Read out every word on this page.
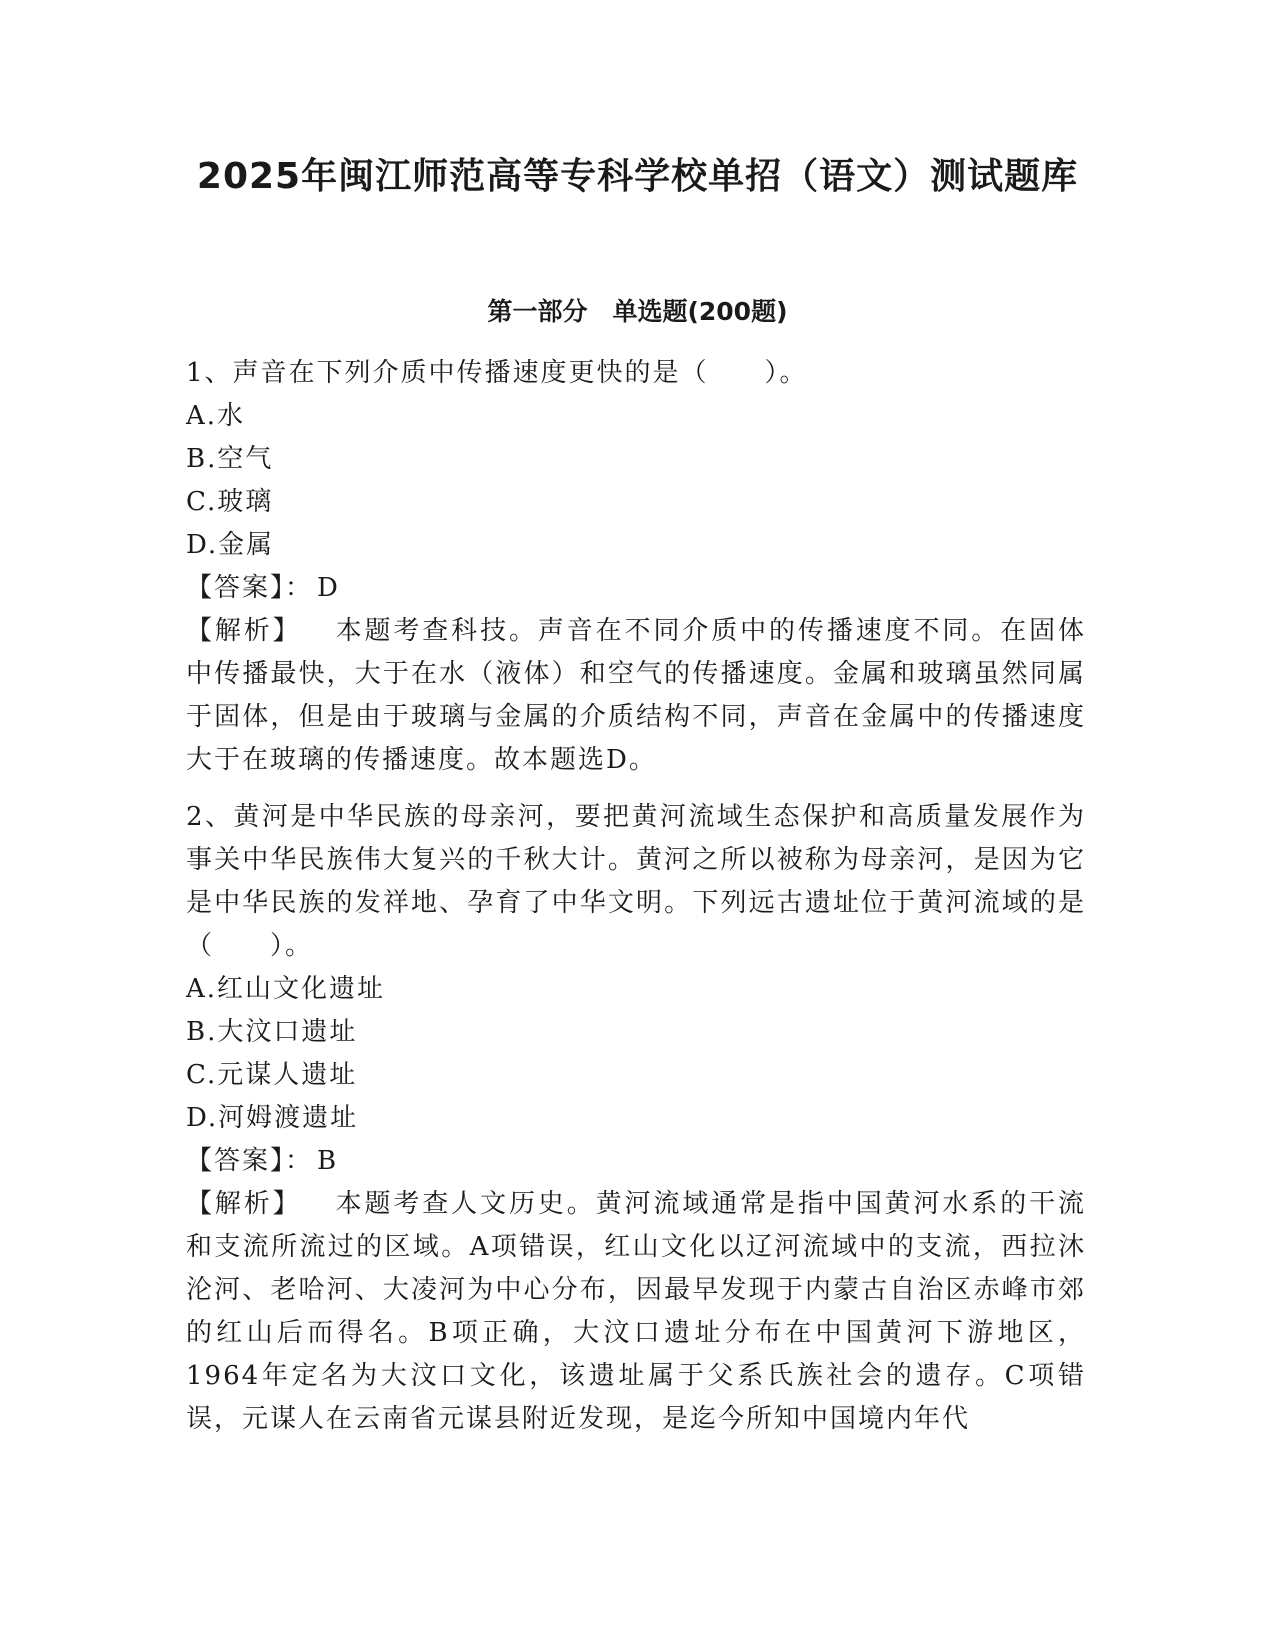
2025年闽江师范高等专科学校单招（语文）测试题库
第一部分　单选题(200题)

1、声音在下列介质中传播速度更快的是（　　）。

A.水

B.空气

C.玻璃

D.金属

【答案】： D

【解析】 本题考查科技。声音在不同介质中的传播速度不同。在固体中传播最快，大于在水（液体）和空气的传播速度。金属和玻璃虽然同属于固体，但是由于玻璃与金属的介质结构不同，声音在金属中的传播速度大于在玻璃的传播速度。故本题选D。

2、黄河是中华民族的母亲河，要把黄河流域生态保护和高质量发展作为事关中华民族伟大复兴的千秋大计。黄河之所以被称为母亲河，是因为它是中华民族的发祥地、孕育了中华文明。下列远古遗址位于黄河流域的是（　　）。

A.红山文化遗址

B.大汶口遗址

C.元谋人遗址

D.河姆渡遗址

【答案】： B

【解析】 本题考查人文历史。黄河流域通常是指中国黄河水系的干流和支流所流过的区域。A项错误，红山文化以辽河流域中的支流，西拉沐沦河、老哈河、大凌河为中心分布，因最早发现于内蒙古自治区赤峰市郊的红山后而得名。B项正确，大汶口遗址分布在中国黄河下游地区，1964年定名为大汶口文化，该遗址属于父系氏族社会的遗存。C项错误，元谋人在云南省元谋县附近发现，是迄今所知中国境内年代
